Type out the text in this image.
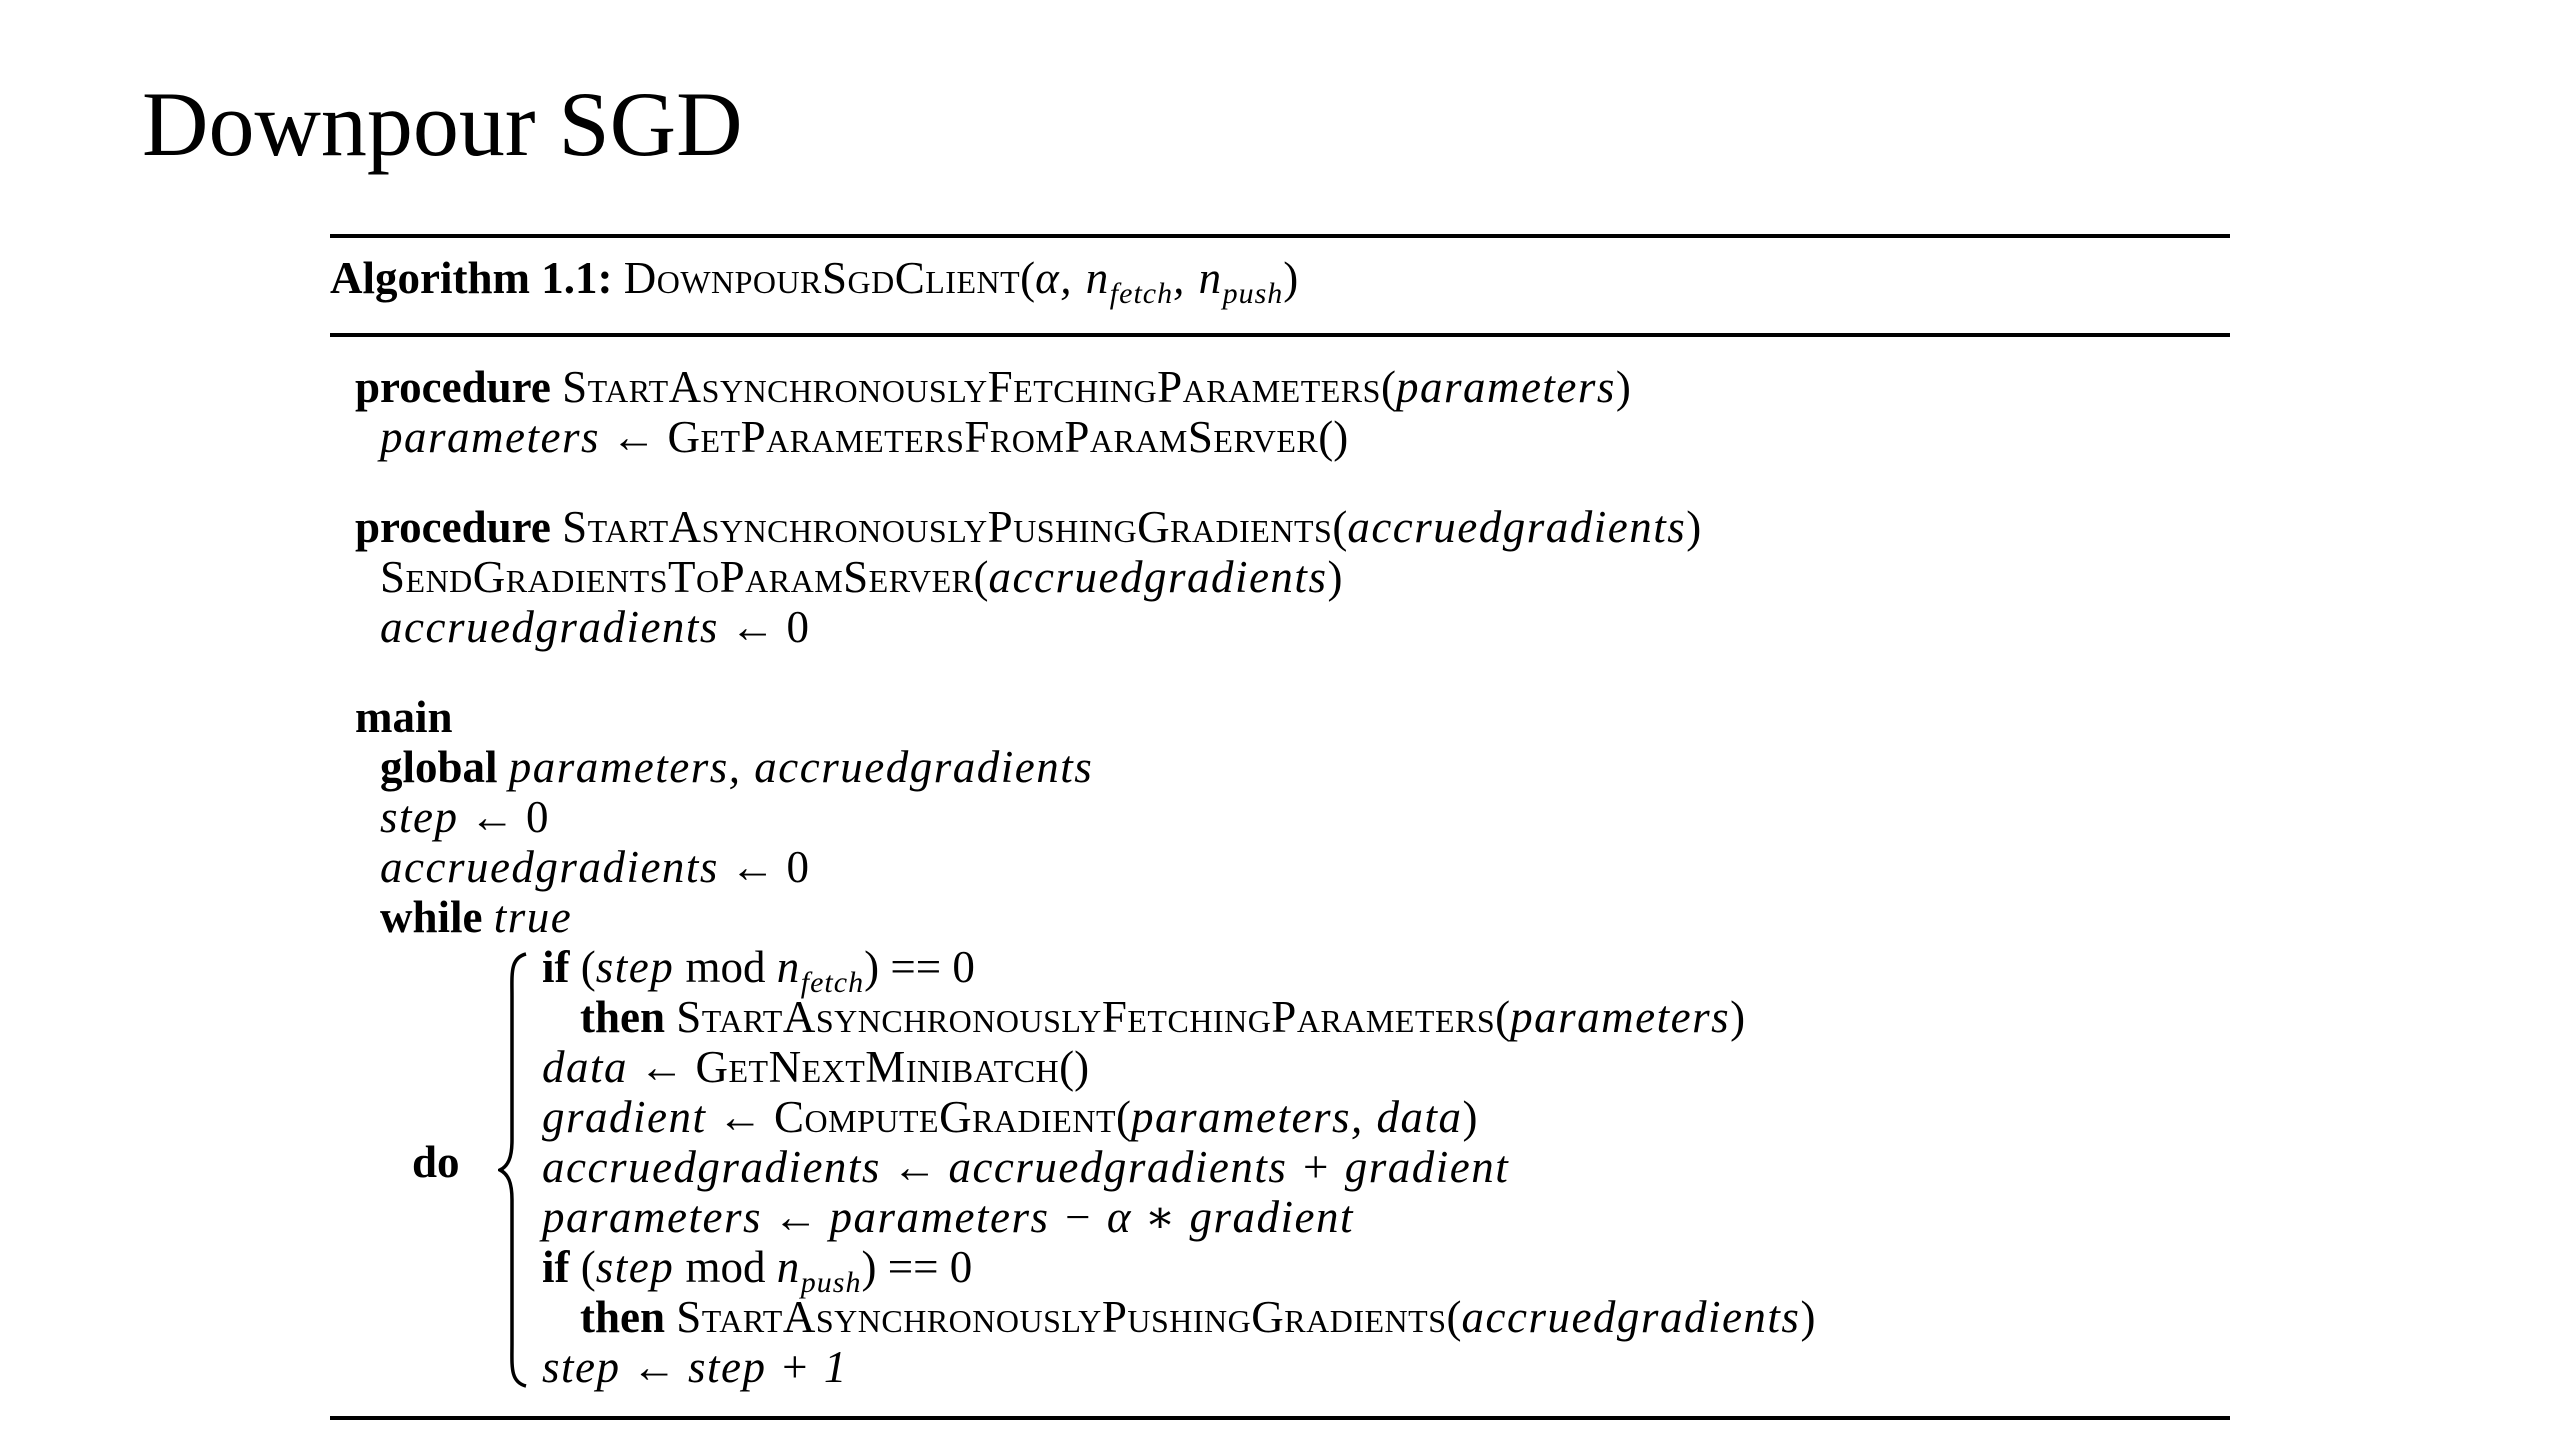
Downpour SGD
Algorithm 1.1: DownpourSgdClient(α, $n_{fetch}$, $n_{push}$)
procedure StartAsynchronouslyFetchingParameters(parameters)
parameters ← GetParametersFromParamServer()
procedure StartAsynchronouslyPushingGradients(accruedgradients)
SendGradientsToParamServer(accruedgradients)
accruedgradients ← 0
main
global parameters, accruedgradients
step ← 0
accruedgradients ← 0
while true
do
if (step mod $n_{fetch}) == 0$
then StartAsynchronouslyFetchingParameters(parameters)
data ← GetNextMinibatch()
gradient ← ComputeGradient(parameters, data)
accruedgradients ← accruedgradients + gradient
parameters ← parameters − α ∗ gradient
if (step mod $n_{push}) == 0$
then StartAsynchronouslyPushingGradients(accruedgradients)
step ← step + 1
